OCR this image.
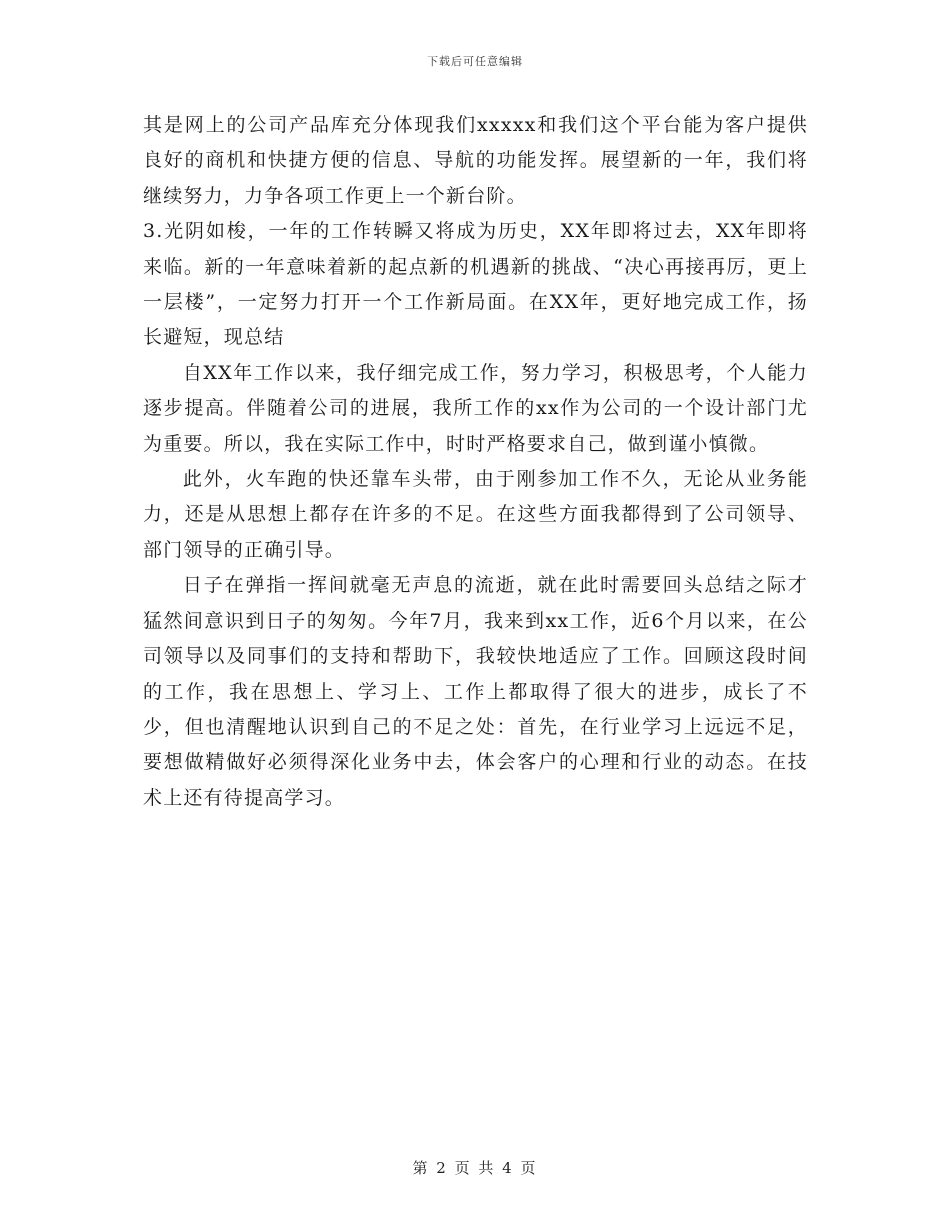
下载后可任意编辑

其是网上的公司产品库充分体现我们xxxxx和我们这个平台能为客户提供良好的商机和快捷方便的信息、导航的功能发挥。展望新的一年，我们将继续努力，力争各项工作更上一个新台阶。

3.光阴如梭，一年的工作转瞬又将成为历史，XX年即将过去，XX年即将来临。新的一年意味着新的起点新的机遇新的挑战、“决心再接再厉，更上一层楼”，一定努力打开一个工作新局面。在XX年，更好地完成工作，扬长避短，现总结

自XX年工作以来，我仔细完成工作，努力学习，积极思考，个人能力逐步提高。伴随着公司的进展，我所工作的xx作为公司的一个设计部门尤为重要。所以，我在实际工作中，时时严格要求自己，做到谨小慎微。

此外，火车跑的快还靠车头带，由于刚参加工作不久，无论从业务能力，还是从思想上都存在许多的不足。在这些方面我都得到了公司领导、部门领导的正确引导。

日子在弹指一挥间就毫无声息的流逝，就在此时需要回头总结之际才猛然间意识到日子的匆匆。今年7月，我来到xx工作，近6个月以来，在公司领导以及同事们的支持和帮助下，我较快地适应了工作。回顾这段时间的工作，我在思想上、学习上、工作上都取得了很大的进步，成长了不少，但也清醒地认识到自己的不足之处：首先，在行业学习上远远不足，要想做精做好必须得深化业务中去，体会客户的心理和行业的动态。在技术上还有待提高学习。

第 2 页 共 4 页
